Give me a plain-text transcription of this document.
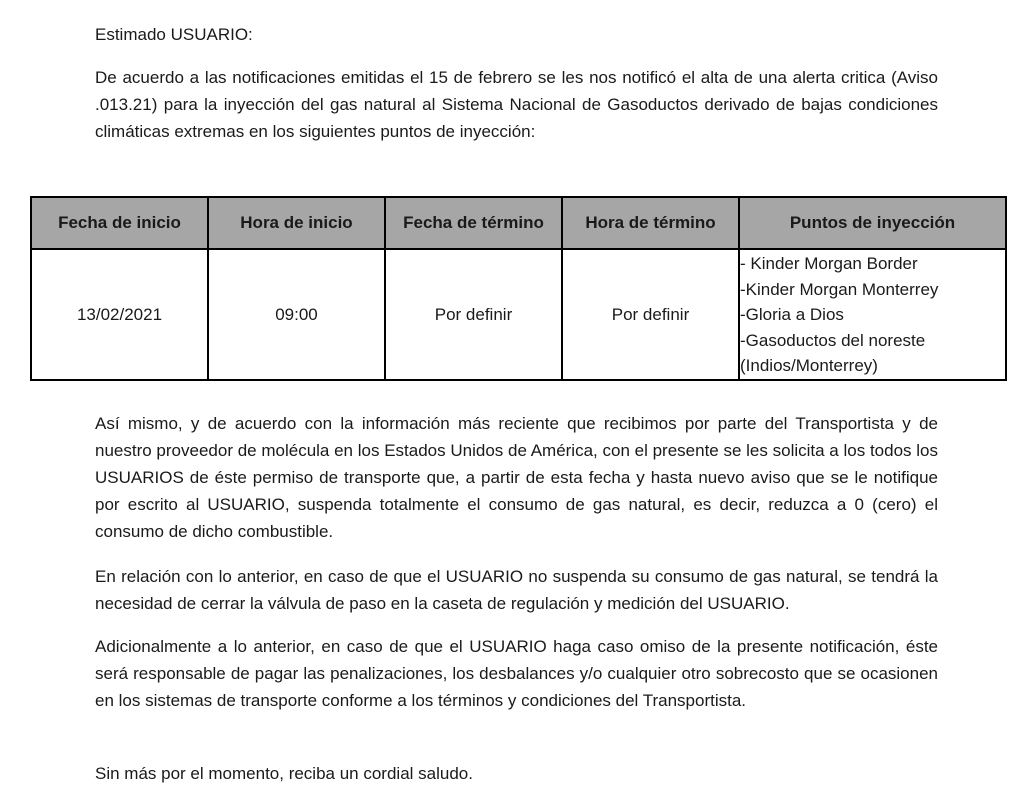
Estimado USUARIO:

De acuerdo a las notificaciones emitidas el 15 de febrero se les nos notificó el alta de una alerta critica (Aviso .013.21) para la inyección del gas natural al Sistema Nacional de Gasoductos derivado de bajas condiciones climáticas extremas en los siguientes puntos de inyección:

Fecha de inicio	Hora de inicio	Fecha de término	Hora de término	Puntos de inyección
13/02/2021	09:00	Por definir	Por definir	- Kinder Morgan Border
-Kinder Morgan Monterrey
-Gloria a Dios
-Gasoductos del noreste
(Indios/Monterrey)

Así mismo, y de acuerdo con la información más reciente que recibimos por parte del Transportista y de nuestro proveedor de molécula en los Estados Unidos de América, con el presente se les solicita a los todos los USUARIOS de éste permiso de transporte que, a partir de esta fecha y hasta nuevo aviso que se le notifique por escrito al USUARIO, suspenda totalmente el consumo de gas natural, es decir, reduzca a 0 (cero) el consumo de dicho combustible.

En relación con lo anterior, en caso de que el USUARIO no suspenda su consumo de gas natural, se tendrá la necesidad de cerrar la válvula de paso en la caseta de regulación y medición del USUARIO.

Adicionalmente a lo anterior, en caso de que el USUARIO haga caso omiso de la presente notificación, éste será responsable de pagar las penalizaciones, los desbalances y/o cualquier otro sobrecosto que se ocasionen en los sistemas de transporte conforme a los términos y condiciones del Transportista.

Sin más por el momento, reciba un cordial saludo.
